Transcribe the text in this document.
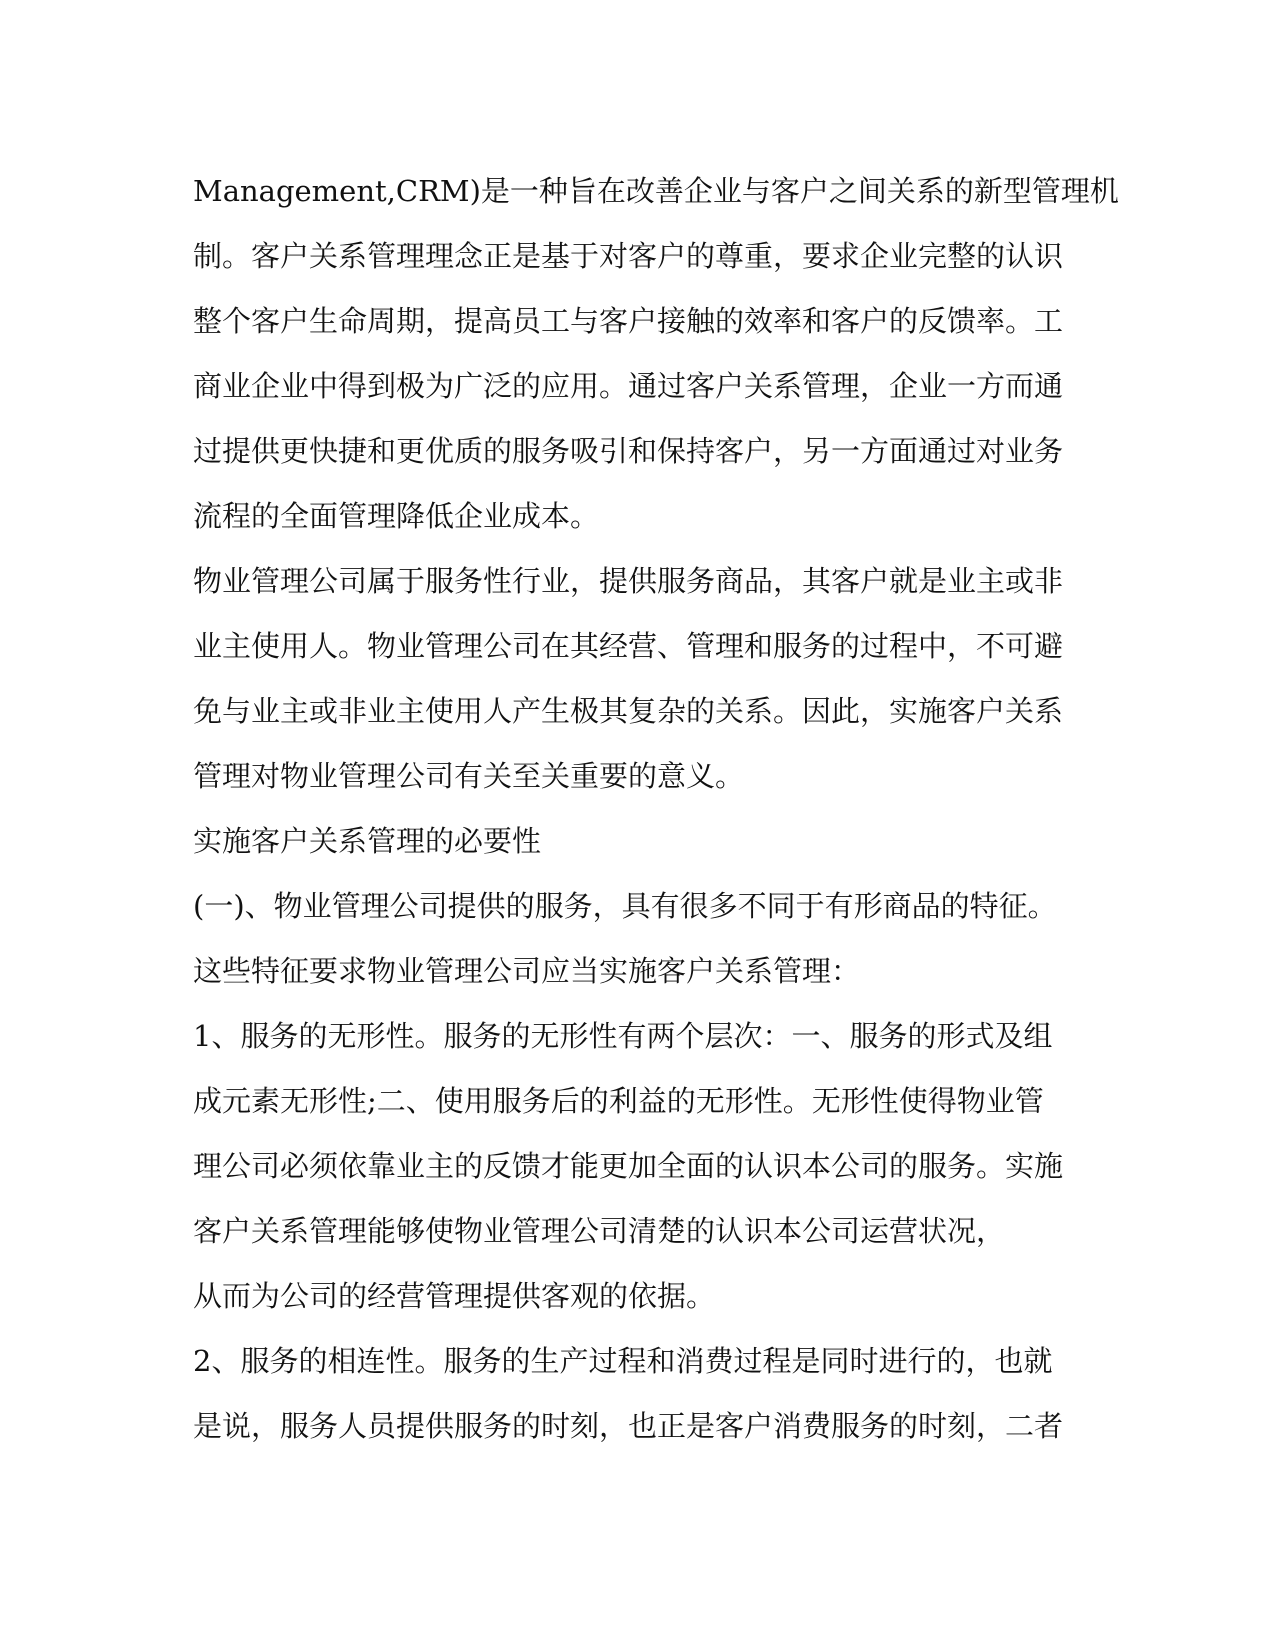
Management,CRM)是一种旨在改善企业与客户之间关系的新型管理机
制。客户关系管理理念正是基于对客户的尊重，要求企业完整的认识
整个客户生命周期，提高员工与客户接触的效率和客户的反馈率。工
商业企业中得到极为广泛的应用。通过客户关系管理，企业一方而通
过提供更快捷和更优质的服务吸引和保持客户，另一方面通过对业务
流程的全面管理降低企业成本。
物业管理公司属于服务性行业，提供服务商品，其客户就是业主或非
业主使用人。物业管理公司在其经营、管理和服务的过程中，不可避
免与业主或非业主使用人产生极其复杂的关系。因此，实施客户关系
管理对物业管理公司有关至关重要的意义。
实施客户关系管理的必要性
(一)、物业管理公司提供的服务，具有很多不同于有形商品的特征。
这些特征要求物业管理公司应当实施客户关系管理：
1、服务的无形性。服务的无形性有两个层次：一、服务的形式及组
成元素无形性;二、使用服务后的利益的无形性。无形性使得物业管
理公司必须依靠业主的反馈才能更加全面的认识本公司的服务。实施
客户关系管理能够使物业管理公司清楚的认识本公司运营状况，
从而为公司的经营管理提供客观的依据。
2、服务的相连性。服务的生产过程和消费过程是同时进行的，也就
是说，服务人员提供服务的时刻，也正是客户消费服务的时刻，二者
